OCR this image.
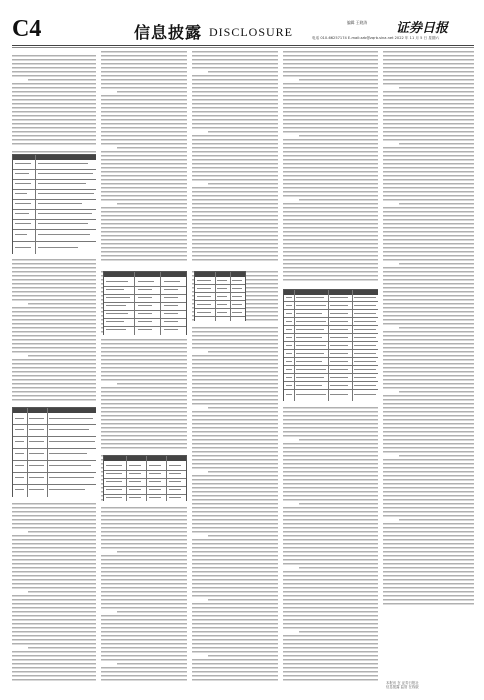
C4	信息披露 DISCLOSURE
编辑 王晓涛 证券日报
电话 010-66257174 E-mail:zzb@zqrb.sina.net 2022 年 11 月 5 日 星期六
本报讯 在 证券日报社
信息披露 监管 在线版
